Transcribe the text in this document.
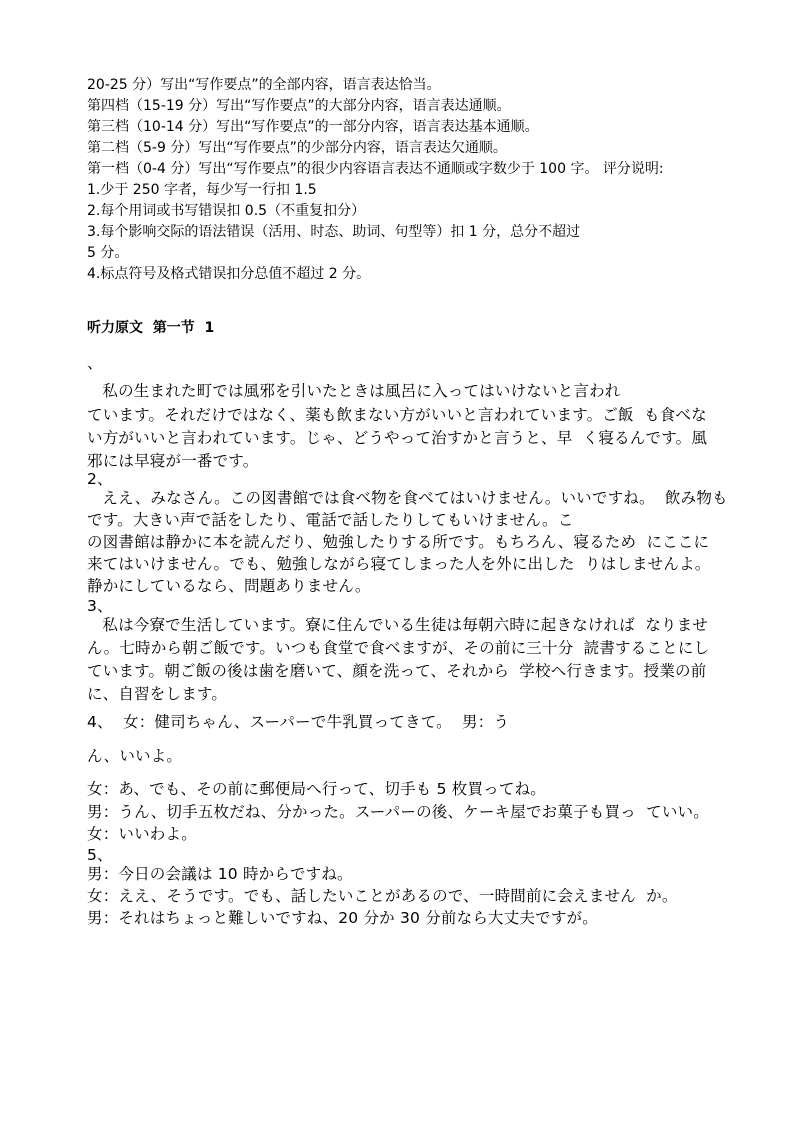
20-25 分）写出“写作要点”的全部内容，语言表达恰当。
第四档（15-19 分）写出“写作要点”的大部分内容，语言表达通顺。
第三档（10-14 分）写出“写作要点”的一部分内容，语言表达基本通顺。
第二档（5-9 分）写出“写作要点”的少部分内容，语言表达欠通顺。
第一档（0-4 分）写出“写作要点”的很少内容语言表达不通顺或字数少于 100 字。 评分说明:
1.少于 250 字者，每少写一行扣 1.5
2.每个用词或书写错误扣 0.5（不重复扣分）
3.每个影响交际的语法错误（活用、时态、助词、句型等）扣 1 分，总分不超过
5 分。
4.标点符号及格式错误扣分总值不超过 2 分。
听力原文  第一节  1
、
私の生まれた町では風邪を引いたときは風呂に入ってはいけないと言われ
ています。それだけではなく、薬も飲まない方がいいと言われています。ご飯  も食べな
い方がいいと言われています。じゃ、どうやって治すかと言うと、早  く寝るんです。風
邪には早寝が一番です。
2、
ええ、みなさん。この図書館では食べ物を食べてはいけません。いいですね。  飲み物も
です。大きい声で話をしたり、電話で話したりしてもいけません。こ
の図書館は静かに本を読んだり、勉強したりする所です。もちろん、寝るため  にここに
来てはいけません。でも、勉強しながら寝てしまった人を外に出した  りはしませんよ。
静かにしているなら、問題ありません。
3、
私は今寮で生活しています。寮に住んでいる生徒は毎朝六時に起きなければ  なりませ
ん。七時から朝ご飯です。いつも食堂で食べますが、その前に三十分  読書することにし
ています。朝ご飯の後は歯を磨いて、顔を洗って、それから  学校へ行きます。授業の前
に、自習をします。
4、  女：健司ちゃん、スーパーで牛乳買ってきて。  男：う
ん、いいよ。
女：あ、でも、その前に郵便局へ行って、切手も 5 枚買ってね。
男：うん、切手五枚だね、分かった。スーパーの後、ケーキ屋でお菓子も買っ  ていい。
女：いいわよ。
5、
男：今日の会議は 10 時からですね。
女：ええ、そうです。でも、話したいことがあるので、一時間前に会えません  か。
男：それはちょっと難しいですね、20 分か 30 分前なら大丈夫ですが。
